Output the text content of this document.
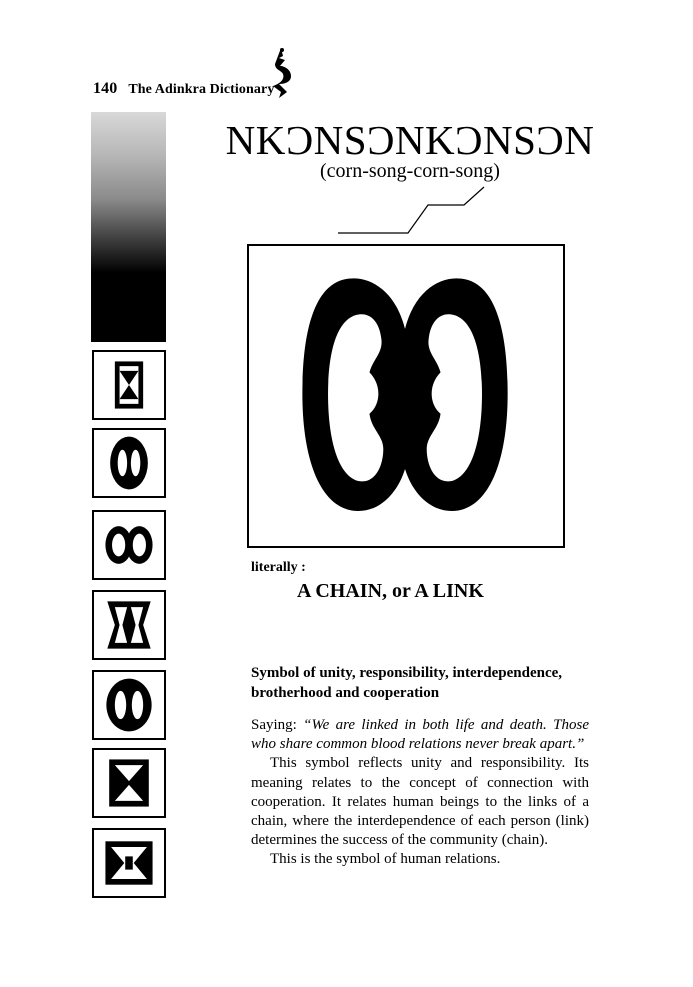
140 The Adinkra Dictionary
NKƆNSƆNKƆNSƆN
(corn-song-corn-song)
literally :
A CHAIN, or A LINK
Symbol of unity, responsibility, interdependence, brotherhood and cooperation

Saying: “We are linked in both life and death. Those who share common blood relations never break apart.”

This symbol reflects unity and responsibility. Its meaning relates to the concept of connection with cooperation. It relates human beings to the links of a chain, where the interdependence of each person (link) determines the success of the community (chain).

This is the symbol of human relations.
